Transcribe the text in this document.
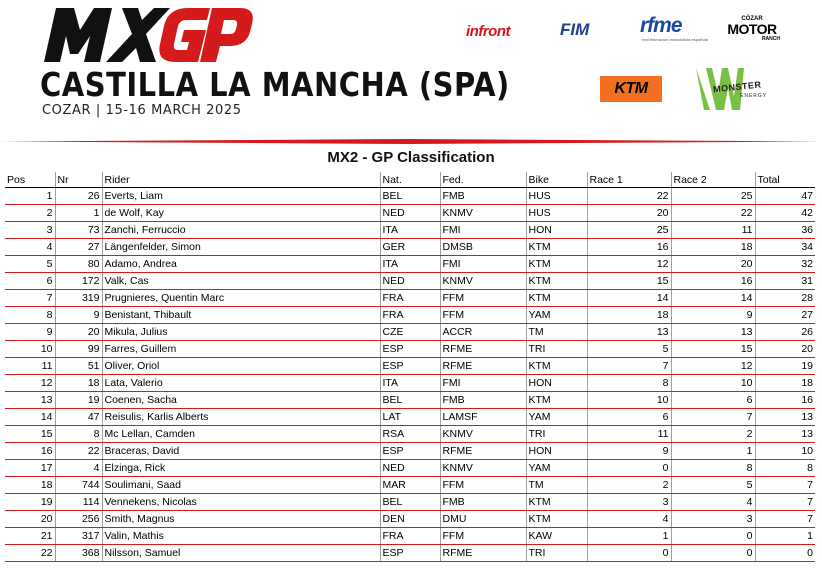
CASTILLA LA MANCHA (SPA)
COZAR | 15-16 MARCH 2025
infront	FIM rfme
real federación motociclista española
CÓZAR
MOTOR
RANCH
KTM	MONSTER
ENERGY
MX2 - GP Classification
Pos	Nr	Rider	Nat.	Fed.	Bike	Race 1	Race 2	Total
1	26	Everts, Liam	BEL	FMB	HUS	22	25	47
2	1	de Wolf, Kay	NED	KNMV	HUS	20	22	42
3	73	Zanchi, Ferruccio	ITA	FMI	HON	25	11	36
4	27	Längenfelder, Simon	GER	DMSB	KTM	16	18	34
5	80	Adamo, Andrea	ITA	FMI	KTM	12	20	32
6	172	Valk, Cas	NED	KNMV	KTM	15	16	31
7	319	Prugnieres, Quentin Marc	FRA	FFM	KTM	14	14	28
8	9	Benistant, Thibault	FRA	FFM	YAM	18	9	27
9	20	Mikula, Julius	CZE	ACCR	TM	13	13	26
10	99	Farres, Guillem	ESP	RFME	TRI	5	15	20
11	51	Oliver, Oriol	ESP	RFME	KTM	7	12	19
12	18	Lata, Valerio	ITA	FMI	HON	8	10	18
13	19	Coenen, Sacha	BEL	FMB	KTM	10	6	16
14	47	Reisulis, Karlis Alberts	LAT	LAMSF	YAM	6	7	13
15	8	Mc Lellan, Camden	RSA	KNMV	TRI	11	2	13
16	22	Braceras, David	ESP	RFME	HON	9	1	10
17	4	Elzinga, Rick	NED	KNMV	YAM	0	8	8
18	744	Soulimani, Saad	MAR	FFM	TM	2	5	7
19	114	Vennekens, Nicolas	BEL	FMB	KTM	3	4	7
20	256	Smith, Magnus	DEN	DMU	KTM	4	3	7
21	317	Valin, Mathis	FRA	FFM	KAW	1	0	1
22	368	Nilsson, Samuel	ESP	RFME	TRI	0	0	0
